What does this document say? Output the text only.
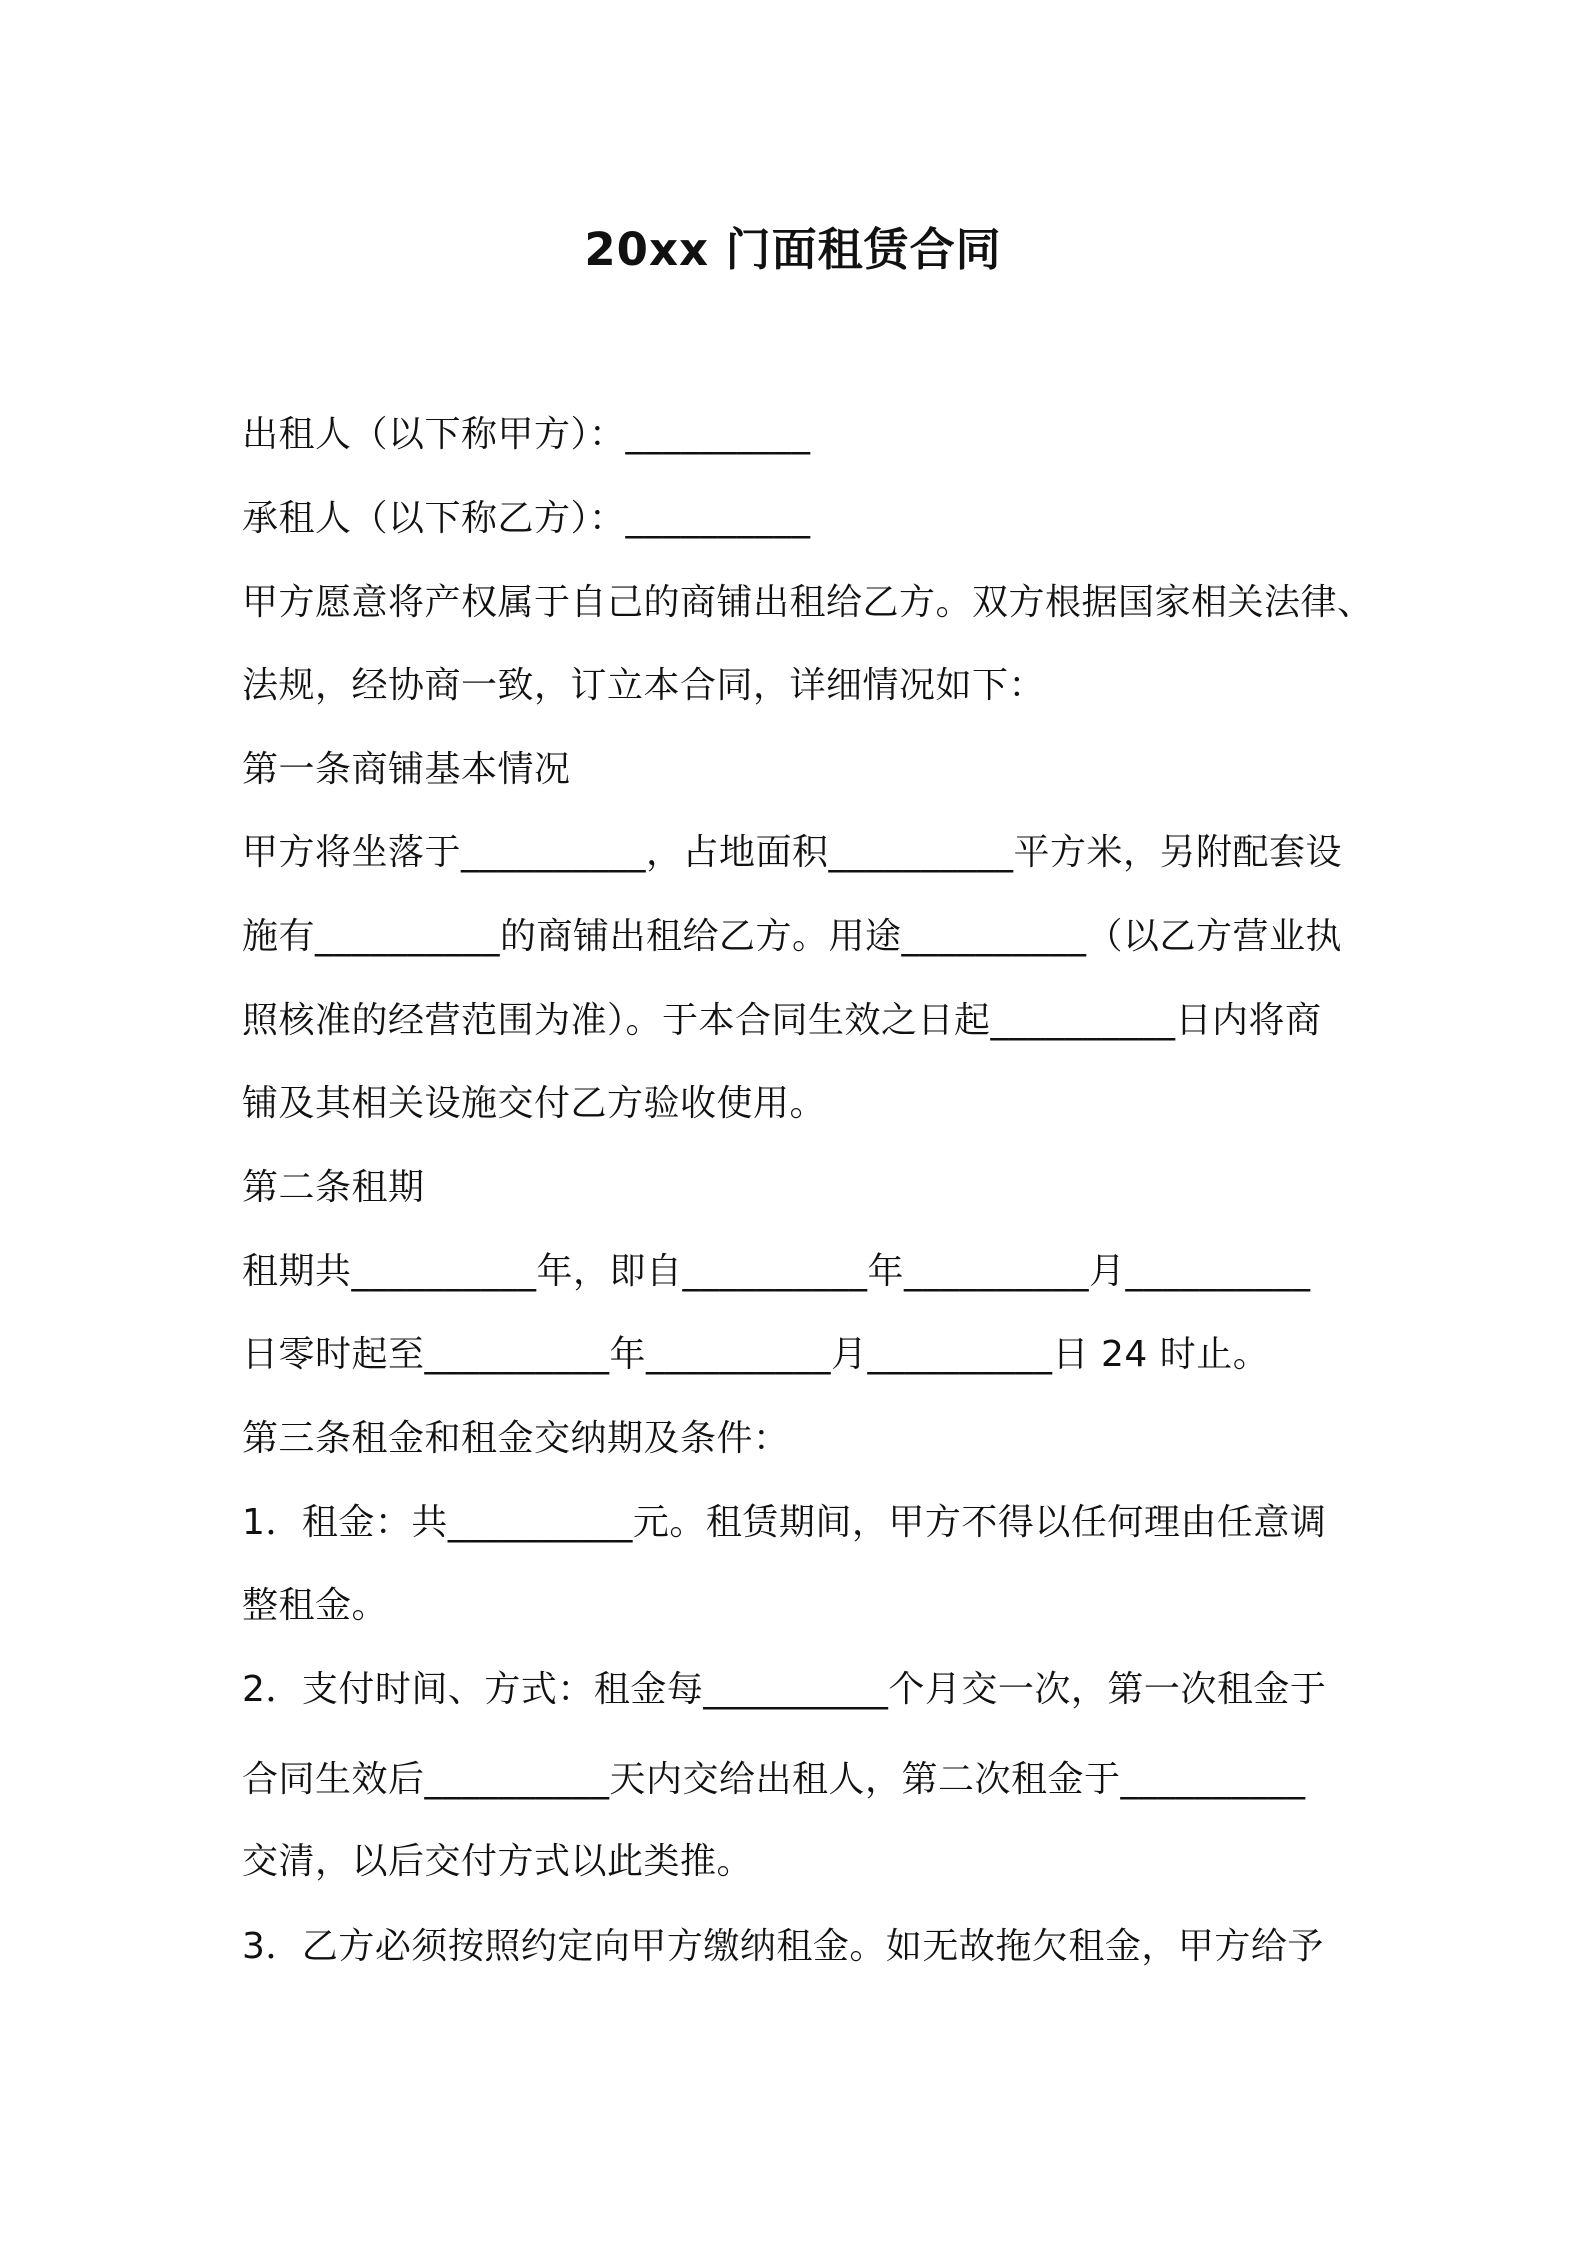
20xx 门面租赁合同
出租人（以下称甲方）：__________
承租人（以下称乙方）：__________
甲方愿意将产权属于自己的商铺出租给乙方。双方根据国家相关法律、
法规，经协商一致，订立本合同，详细情况如下：
第一条商铺基本情况
甲方将坐落于__________，占地面积__________平方米，另附配套设
施有__________的商铺出租给乙方。用途__________（以乙方营业执
照核准的经营范围为准）。于本合同生效之日起__________日内将商
铺及其相关设施交付乙方验收使用。
第二条租期
租期共__________年，即自__________年__________月__________
日零时起至__________年__________月__________日 24 时止。
第三条租金和租金交纳期及条件：
1．租金：共__________元。租赁期间，甲方不得以任何理由任意调
整租金。
2．支付时间、方式：租金每__________个月交一次，第一次租金于
合同生效后__________天内交给出租人，第二次租金于__________
交清，以后交付方式以此类推。
3．乙方必须按照约定向甲方缴纳租金。如无故拖欠租金，甲方给予
